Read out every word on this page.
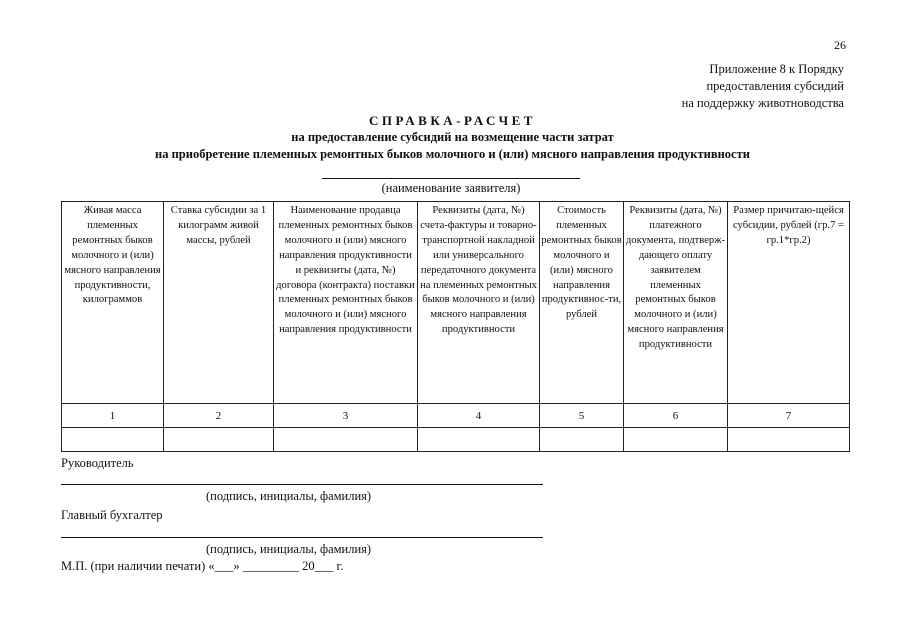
26
Приложение 8 к Порядку
предоставления субсидий
на поддержку животноводства
СПРАВКА-РАСЧЕТ
на предоставление субсидий на возмещение части затрат
на приобретение племенных ремонтных быков молочного и (или) мясного направления продуктивности
(наименование заявителя)
Живая масса племенных ремонтных быков молочного и (или) мясного направления продуктивности, килограммов	Ставка субсидии за 1 килограмм живой массы, рублей	Наименование продавца племенных ремонтных быков молочного и (или) мясного направления продуктивности и реквизиты (дата, №) договора (контракта) поставки племенных ремонтных быков молочного и (или) мясного направления продуктивности	Реквизиты (дата, №) счета-фактуры и товарно-транспортной накладной или универсального передаточного документа на племенных ремонтных быков молочного и (или) мясного направления продуктивности	Стоимость племенных ремонтных быков молочного и (или) мясного направления продуктивнос-ти, рублей	Реквизиты (дата, №) платежного документа, подтверж-дающего оплату заявителем племенных ремонтных быков молочного и (или) мясного направления продуктивности	Размер причитаю-щейся субсидии, рублей (гр.7 = гр.1*гр.2)
1	2	3	4	5	6	7

Руководитель
(подпись, инициалы, фамилия)
Главный бухгалтер
(подпись, инициалы, фамилия)
М.П. (при наличии печати) «___» _________ 20___ г.
